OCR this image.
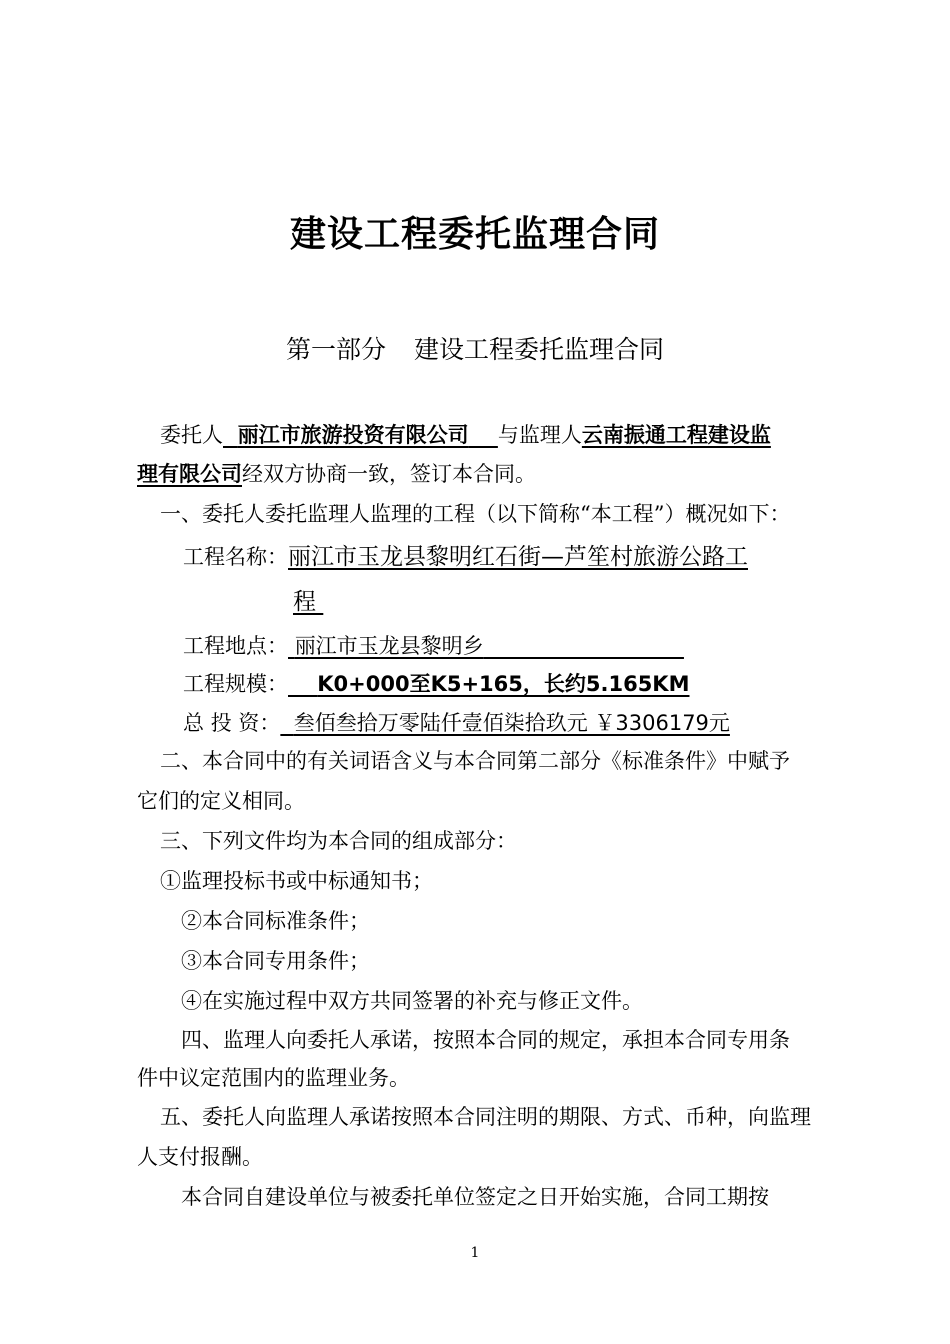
建设工程委托监理合同
第一部分 建设工程委托监理合同
委托人 丽江市旅游投资有限公司 与监理人云南振通工程建设监
理有限公司经双方协商一致，签订本合同。
一、委托人委托监理人监理的工程（以下简称“本工程”）概况如下：
工程名称：丽江市玉龙县黎明红石街—芦笙村旅游公路工
程
工程地点： 丽江市玉龙县黎明乡
工程规模： K0+000至K5+165，长约5.165KM
总 投 资： 叁佰叁拾万零陆仟壹佰柒拾玖元 ￥3306179元
二、本合同中的有关词语含义与本合同第二部分《标准条件》中赋予
它们的定义相同。
三、下列文件均为本合同的组成部分：
①监理投标书或中标通知书；
②本合同标准条件；
③本合同专用条件；
④在实施过程中双方共同签署的补充与修正文件。
四、监理人向委托人承诺，按照本合同的规定，承担本合同专用条
件中议定范围内的监理业务。
五、委托人向监理人承诺按照本合同注明的期限、方式、币种，向监理
人支付报酬。
本合同自建设单位与被委托单位签定之日开始实施，合同工期按
1
